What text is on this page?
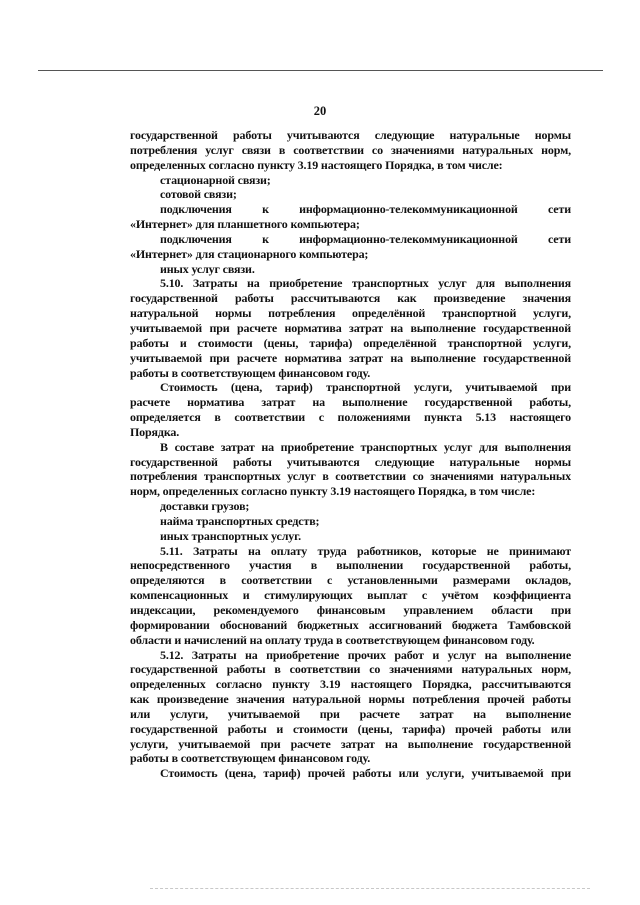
20
государственной работы учитываются следующие натуральные нормы
потребления услуг связи в соответствии со значениями натуральных норм,
определенных согласно пункту 3.19 настоящего Порядка, в том числе:
стационарной связи;
сотовой связи;
подключения к информационно-телекоммуникационной сети
«Интернет» для планшетного компьютера;
подключения к информационно-телекоммуникационной сети
«Интернет» для стационарного компьютера;
иных услуг связи.
5.10. Затраты на приобретение транспортных услуг для выполнения
государственной работы рассчитываются как произведение значения
натуральной нормы потребления определённой транспортной услуги,
учитываемой при расчете норматива затрат на выполнение государственной
работы и стоимости (цены, тарифа) определённой транспортной услуги,
учитываемой при расчете норматива затрат на выполнение государственной
работы в соответствующем финансовом году.
Стоимость (цена, тариф) транспортной услуги, учитываемой при
расчете норматива затрат на выполнение государственной работы,
определяется в соответствии с положениями пункта 5.13 настоящего
Порядка.
В составе затрат на приобретение транспортных услуг для выполнения
государственной работы учитываются следующие натуральные нормы
потребления транспортных услуг в соответствии со значениями натуральных
норм, определенных согласно пункту 3.19 настоящего Порядка, в том числе:
доставки грузов;
найма транспортных средств;
иных транспортных услуг.
5.11. Затраты на оплату труда работников, которые не принимают
непосредственного участия в выполнении государственной работы,
определяются в соответствии с установленными размерами окладов,
компенсационных и стимулирующих выплат с учётом коэффициента
индексации, рекомендуемого финансовым управлением области при
формировании обоснований бюджетных ассигнований бюджета Тамбовской
области и начислений на оплату труда в соответствующем финансовом году.
5.12. Затраты на приобретение прочих работ и услуг на выполнение
государственной работы в соответствии со значениями натуральных норм,
определенных согласно пункту 3.19 настоящего Порядка, рассчитываются
как произведение значения натуральной нормы потребления прочей работы
или услуги, учитываемой при расчете затрат на выполнение
государственной работы и стоимости (цены, тарифа) прочей работы или
услуги, учитываемой при расчете затрат на выполнение государственной
работы в соответствующем финансовом году.
Стоимость (цена, тариф) прочей работы или услуги, учитываемой при
